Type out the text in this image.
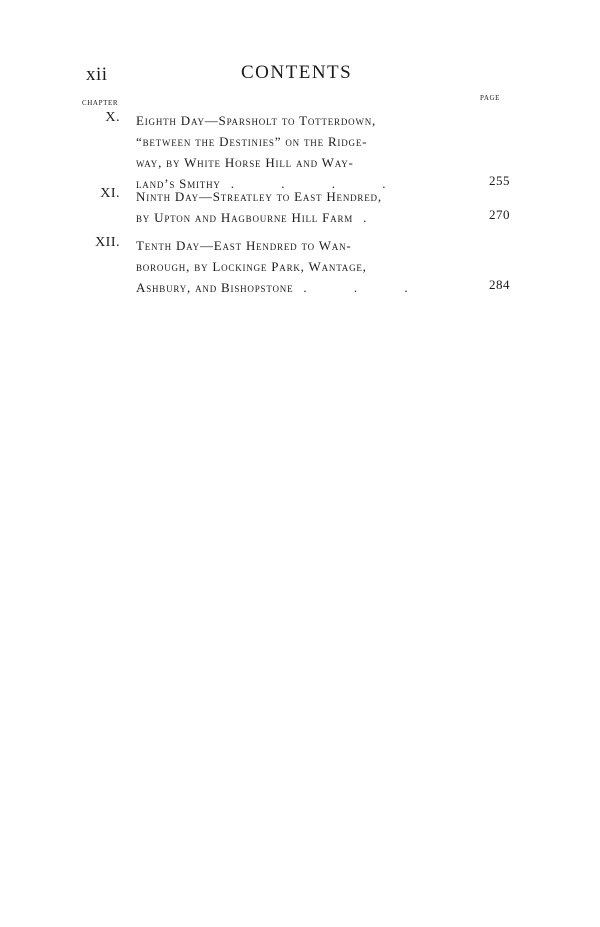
xii	CONTENTS
CHAPTER
PAGE
X. Eighth Day—Sparsholt to Totterdown,
“between the Destinies” on the Ridge-
way, by White Horse Hill and Way-
land’s Smithy . . . .	255
XI. Ninth Day—Streatley to East Hendred,
by Upton and Hagbourne Hill Farm .	270
XII. Tenth Day—East Hendred to Wan-
borough, by Lockinge Park, Wantage,
Ashbury, and Bishopstone . . .	284
